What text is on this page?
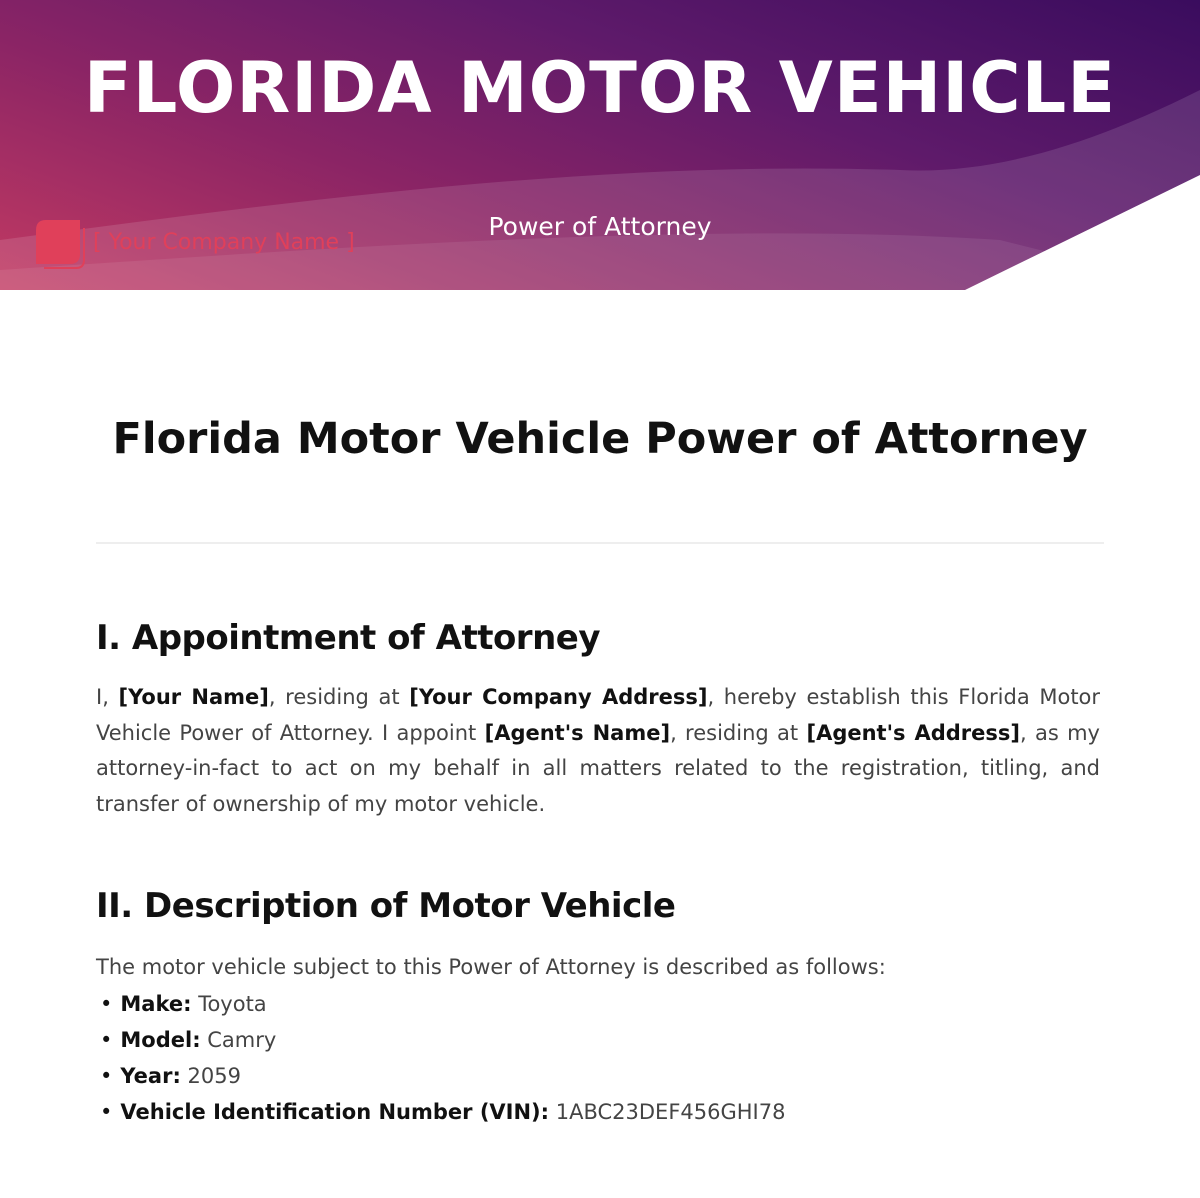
FLORIDA MOTOR VEHICLE
Power of Attorney
[ Your Company Name ]
Florida Motor Vehicle Power of Attorney
I. Appointment of Attorney

I, [Your Name], residing at [Your Company Address], hereby establish this Florida Motor Vehicle Power of Attorney. I appoint [Agent's Name], residing at [Agent's Address], as my attorney-in-fact to act on my behalf in all matters related to the registration, titling, and transfer of ownership of my motor vehicle.

II. Description of Motor Vehicle

The motor vehicle subject to this Power of Attorney is described as follows:

• Make: Toyota
• Model: Camry
• Year: 2059
• Vehicle Identification Number (VIN): 1ABC23DEF456GHI78
